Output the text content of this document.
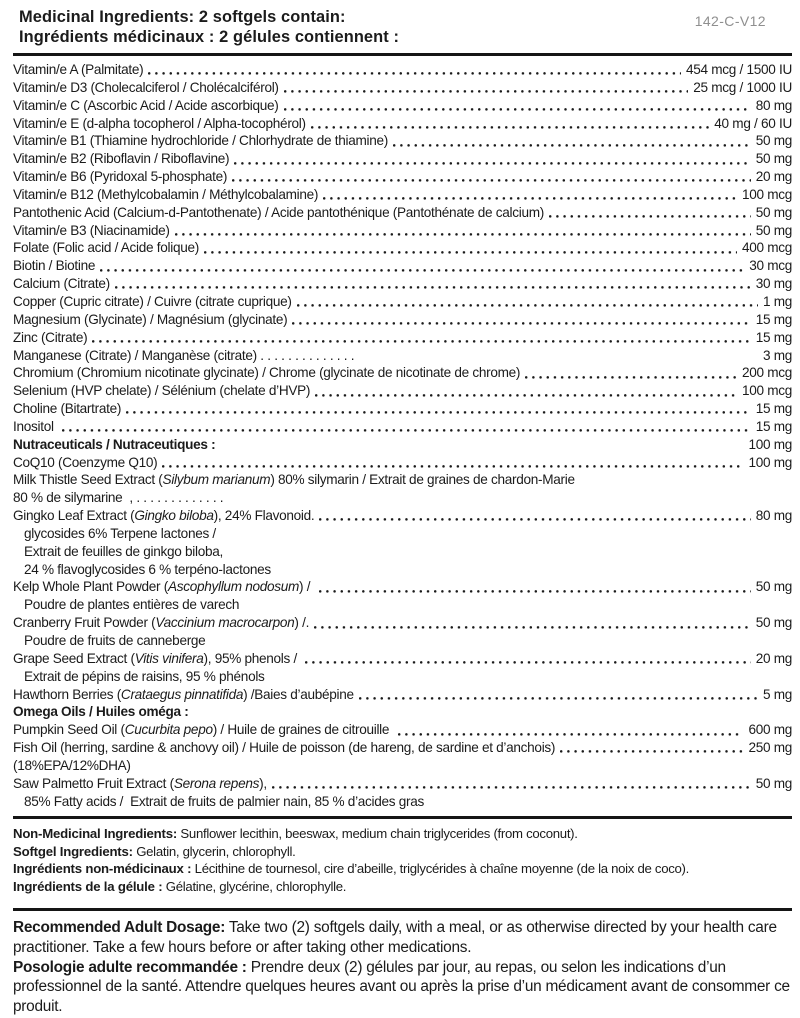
Medicinal Ingredients: 2 softgels contain:
Ingrédients médicinaux : 2 gélules contiennent :
142-C-V12
Vitamin/e A (Palmitate)	454 mcg / 1500 IU
Vitamin/e D3 (Cholecalciferol / Cholécalciférol)	25 mcg / 1000 IU
Vitamin/e C (Ascorbic Acid / Acide ascorbique)	80 mg
Vitamin/e E (d-alpha tocopherol / Alpha-tocophérol)	40 mg / 60 IU
Vitamin/e B1 (Thiamine hydrochloride / Chlorhydrate de thiamine)	50 mg
Vitamin/e B2 (Riboflavin / Riboflavine)	50 mg
Vitamin/e B6 (Pyridoxal 5-phosphate)	20 mg
Vitamin/e B12 (Methylcobalamin / Méthylcobalamine)	100 mcg
Pantothenic Acid (Calcium-d-Pantothenate) / Acide pantothénique (Pantothénate de calcium)	50 mg
Vitamin/e B3 (Niacinamide)	50 mg
Folate (Folic acid / Acide folique)	400 mcg
Biotin / Biotine	30 mcg
Calcium (Citrate)	30 mg
Copper (Cupric citrate) / Cuivre (citrate cuprique)	1 mg
Magnesium (Glycinate) / Magnésium (glycinate)	15 mg
Zinc (Citrate)	15 mg
Manganese (Citrate) / Manganèse (citrate) . . . . . . . . . . . . . .	3 mg
Chromium (Chromium nicotinate glycinate) / Chrome (glycinate de nicotinate de chrome)	200 mcg
Selenium (HVP chelate) / Sélénium (chelate d’HVP)	100 mcg
Choline (Bitartrate)	15 mg
Inositol	15 mg
Nutraceuticals / Nutraceutiques :	100 mg
CoQ10 (Coenzyme Q10)	100 mg
Milk Thistle Seed Extract (Silybum marianum) 80% silymarin / Extrait de graines de chardon-Marie
80 % de silymarine  , . . . . . . . . . . . . .
Gingko Leaf Extract (Gingko biloba), 24% Flavonoid.	80 mg
glycosides 6% Terpene lactones /
Extrait de feuilles de ginkgo biloba,
24 % flavoglycosides 6 % terpéno-lactones
Kelp Whole Plant Powder (Ascophyllum nodosum) /	50 mg
Poudre de plantes entières de varech
Cranberry Fruit Powder (Vaccinium macrocarpon) /.	50 mg
Poudre de fruits de canneberge
Grape Seed Extract (Vitis vinifera), 95% phenols /	20 mg
Extrait de pépins de raisins, 95 % phénols
Hawthorn Berries (Crataegus pinnatifida) /Baies d’aubépine	5 mg
Omega Oils / Huiles oméga :
Pumpkin Seed Oil (Cucurbita pepo) / Huile de graines de citrouille	600 mg
Fish Oil (herring, sardine & anchovy oil) / Huile de poisson (de hareng, de sardine et d’anchois)	250 mg
(18%EPA/12%DHA)
Saw Palmetto Fruit Extract (Serona repens),	50 mg
85% Fatty acids /  Extrait de fruits de palmier nain, 85 % d’acides gras
Non-Medicinal Ingredients: Sunflower lecithin, beeswax, medium chain triglycerides (from coconut).
Softgel Ingredients: Gelatin, glycerin, chlorophyll.
Ingrédients non-médicinaux : Lécithine de tournesol, cire d’abeille, triglycérides à chaîne moyenne (de la noix de coco).
Ingrédients de la gélule : Gélatine, glycérine, chlorophylle.

Recommended Adult Dosage: Take two (2) softgels daily, with a meal, or as otherwise directed by your health care practitioner. Take a few hours before or after taking other medications.

Posologie adulte recommandée : Prendre deux (2) gélules par jour, au repas, ou selon les indications d’un professionnel de la santé. Attendre quelques heures avant ou après la prise d’un médicament avant de consommer ce produit.
